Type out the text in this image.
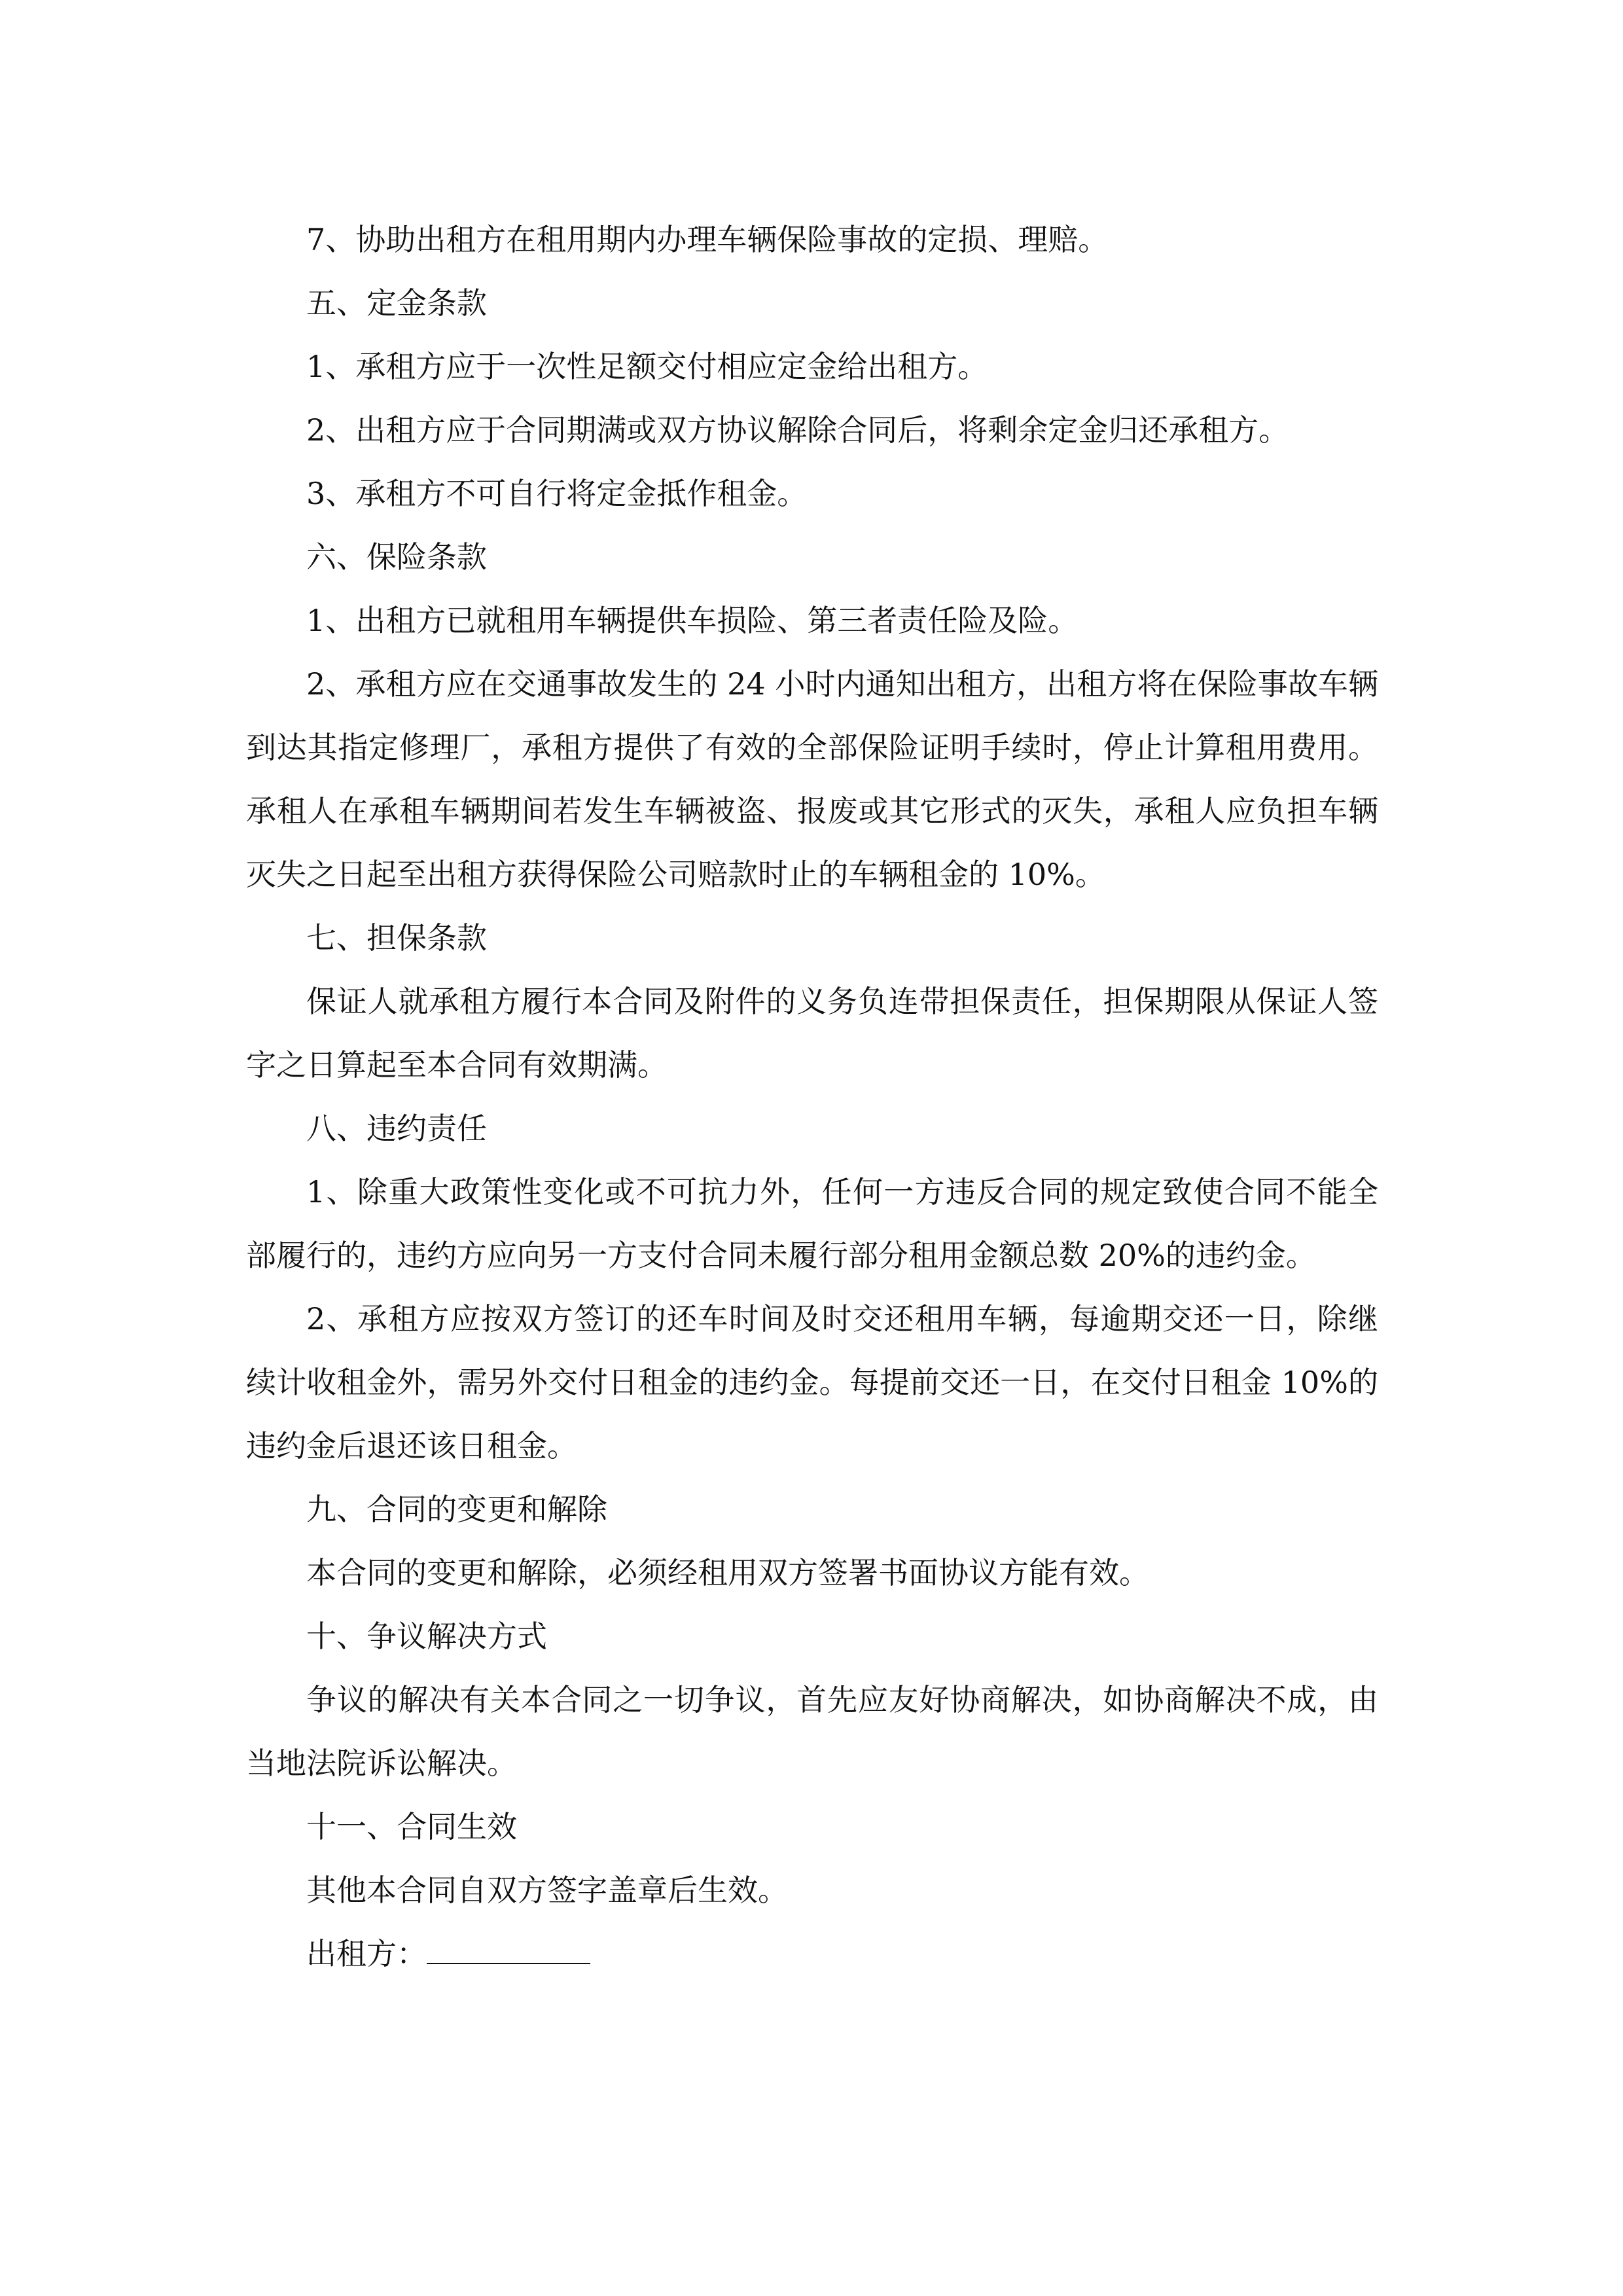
7、协助出租方在租用期内办理车辆保险事故的定损、理赔。

五、定金条款

1、承租方应于一次性足额交付相应定金给出租方。

2、出租方应于合同期满或双方协议解除合同后，将剩余定金归还承租方。

3、承租方不可自行将定金抵作租金。

六、保险条款

1、出租方已就租用车辆提供车损险、第三者责任险及险。

2、承租方应在交通事故发生的 24 小时内通知出租方，出租方将在保险事故车辆到达其指定修理厂，承租方提供了有效的全部保险证明手续时，停止计算租用费用。承租人在承租车辆期间若发生车辆被盗、报废或其它形式的灭失，承租人应负担车辆灭失之日起至出租方获得保险公司赔款时止的车辆租金的 10%。

七、担保条款

保证人就承租方履行本合同及附件的义务负连带担保责任，担保期限从保证人签字之日算起至本合同有效期满。

八、违约责任

1、除重大政策性变化或不可抗力外，任何一方违反合同的规定致使合同不能全部履行的，违约方应向另一方支付合同未履行部分租用金额总数 20%的违约金。

2、承租方应按双方签订的还车时间及时交还租用车辆，每逾期交还一日，除继续计收租金外，需另外交付日租金的违约金。每提前交还一日，在交付日租金 10%的违约金后退还该日租金。

九、合同的变更和解除

本合同的变更和解除，必须经租用双方签署书面协议方能有效。

十、争议解决方式

争议的解决有关本合同之一切争议，首先应友好协商解决，如协商解决不成，由当地法院诉讼解决。

十一、合同生效

其他本合同自双方签字盖章后生效。

出租方：
